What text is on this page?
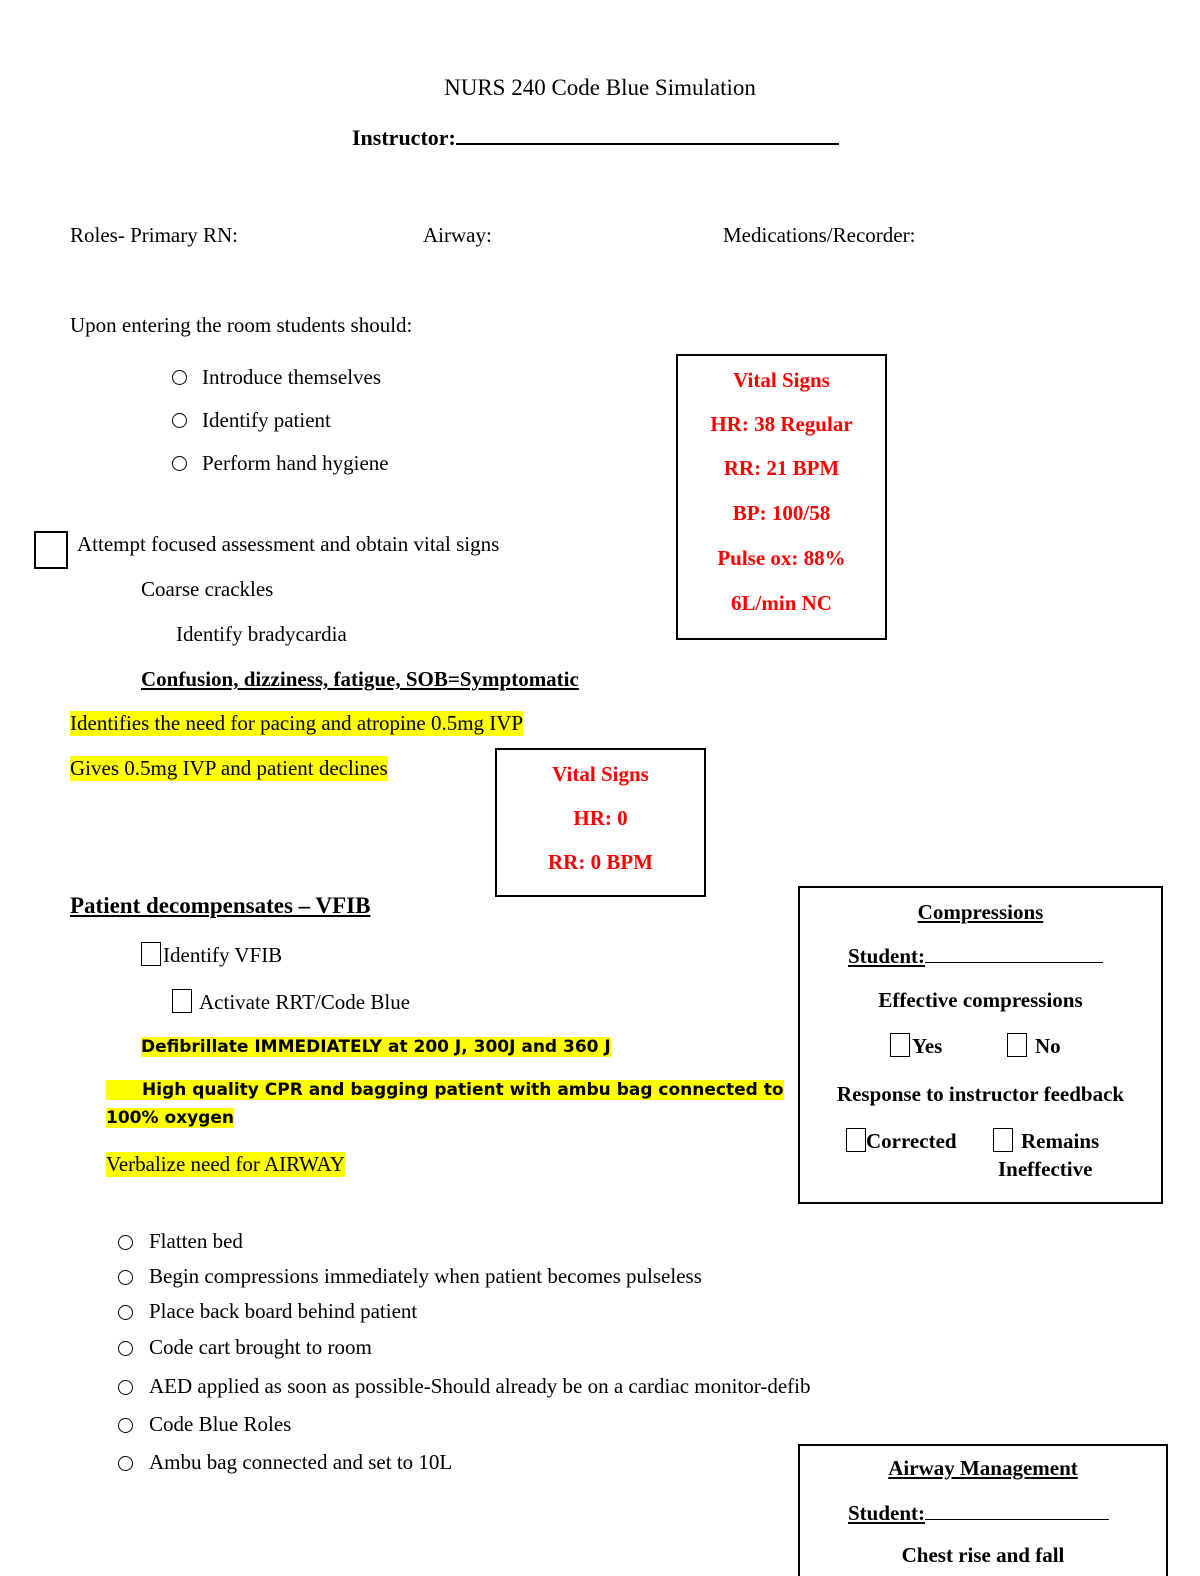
NURS 240 Code Blue Simulation
Instructor:
Roles- Primary RN:	Airway:	Medications/Recorder:
Upon entering the room students should:
Introduce themselves
Identify patient
Perform hand hygiene
Vital Signs
HR: 38 Regular
RR: 21 BPM
BP: 100/58
Pulse ox: 88%
6L/min NC
Attempt focused assessment and obtain vital signs
Coarse crackles
Identify bradycardia
Confusion, dizziness, fatigue, SOB=Symptomatic
Identifies the need for pacing and atropine 0.5mg IVP
Gives 0.5mg IVP and patient declines	Vital Signs
HR: 0
RR: 0 BPM
Patient decompensates – VFIB
Identify VFIB
Activate RRT/Code Blue
Defibrillate IMMEDIATELY at 200 J, 300J and 360 J
High quality CPR and bagging patient with ambu bag connected to
100% oxygen
Verbalize need for AIRWAY
Compressions
Student:
Effective compressions
Yes	No
Response to instructor feedback
Corrected	Remains
Ineffective
Flatten bed
Begin compressions immediately when patient becomes pulseless
Place back board behind patient
Code cart brought to room
AED applied as soon as possible-Should already be on a cardiac monitor-defib
Code Blue Roles
Ambu bag connected and set to 10L	Airway Management
Student:
Chest rise and fall
